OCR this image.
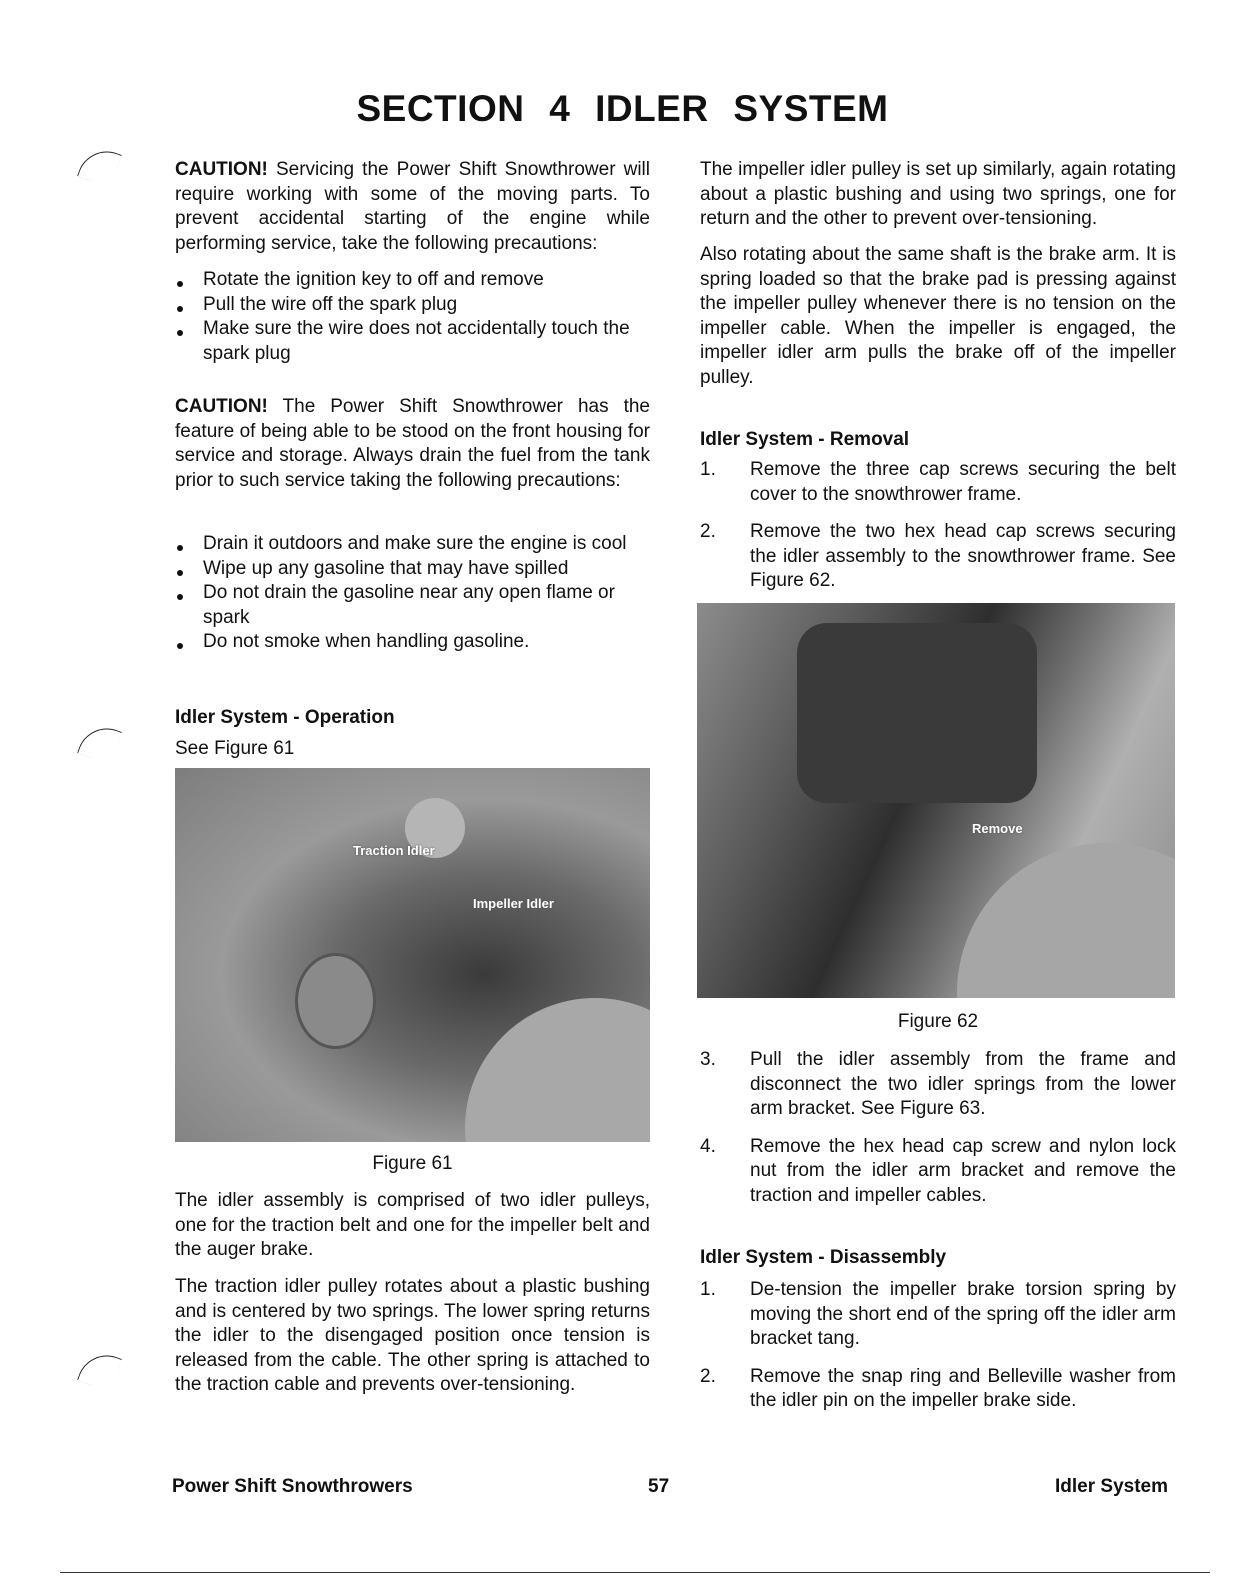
SECTION 4 IDLER SYSTEM

CAUTION! Servicing the Power Shift Snowthrower will require working with some of the moving parts. To prevent accidental starting of the engine while performing service, take the following precautions:

Rotate the ignition key to off and remove
Pull the wire off the spark plug
Make sure the wire does not accidentally touch the spark plug

CAUTION! The Power Shift Snowthrower has the feature of being able to be stood on the front housing for service and storage. Always drain the fuel from the tank prior to such service taking the following precautions:

Drain it outdoors and make sure the engine is cool
Wipe up any gasoline that may have spilled
Do not drain the gasoline near any open flame or spark
Do not smoke when handling gasoline.
Idler System - Operation

See Figure 61

Traction Idler
Impeller Idler
Figure 61

The idler assembly is comprised of two idler pulleys, one for the traction belt and one for the impeller belt and the auger brake.

The traction idler pulley rotates about a plastic bushing and is centered by two springs. The lower spring returns the idler to the disengaged position once tension is released from the cable. The other spring is attached to the traction cable and prevents over-tensioning.

The impeller idler pulley is set up similarly, again rotating about a plastic bushing and using two springs, one for return and the other to prevent over-tensioning.

Also rotating about the same shaft is the brake arm. It is spring loaded so that the brake pad is pressing against the impeller pulley whenever there is no tension on the impeller cable. When the impeller is engaged, the impeller idler arm pulls the brake off of the impeller pulley.

Idler System - Removal
1. Remove the three cap screws securing the belt cover to the snowthrower frame.
2. Remove the two hex head cap screws securing the idler assembly to the snowthrower frame. See Figure 62.
Remove
Figure 62
3. Pull the idler assembly from the frame and disconnect the two idler springs from the lower arm bracket. See Figure 63.
4. Remove the hex head cap screw and nylon lock nut from the idler arm bracket and remove the traction and impeller cables.
Idler System - Disassembly
1. De-tension the impeller brake torsion spring by moving the short end of the spring off the idler arm bracket tang.
2. Remove the snap ring and Belleville washer from the idler pin on the impeller brake side.
Power Shift Snowthrowers	57	Idler System
